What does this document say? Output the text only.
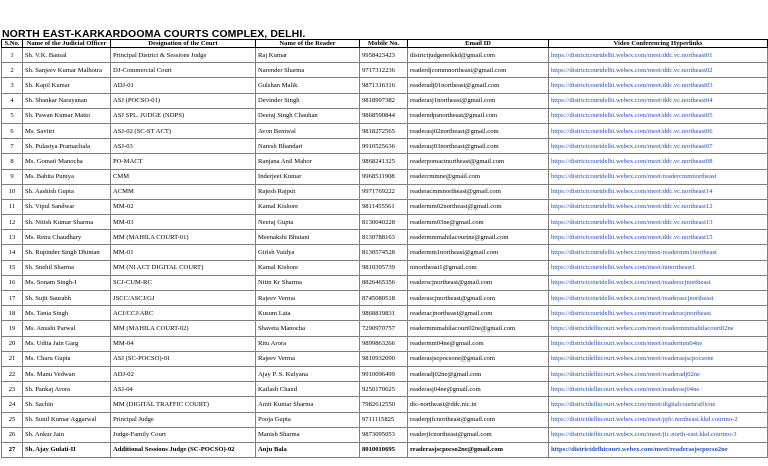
NORTH EAST-KARKARDOOMA COURTS COMPLEX, DELHI.
S.No.	Name of the Judicial Officer	Designation of the Court	Name of the Reader	Mobile No.	Email ID	Video Conferencing Hyperlinks
1	Sh. V.K. Bansal	Principal District & Sessions Judge	Raj Kumar	9958423423	districtjudgeneikkd@gmail.com	https://districtcourtdelhi.webex.com/meet/ddc.vc.northeast01
2	Sh. Sanjeev Kumar Malhotra	DJ-Commercial Court	Narender Sharma	9717312236	readerdjcommnortheast@gmail.com	https://districtcourtdelhi.webex.com/meet/ddc.vc.northeast02
3	Sh. Kapil Kumar	ADJ-01	Gulshan Malik	9871316316	readeradj01northeast@gmail.com	https://districtcourtdelhi.webex.com/meet/ddc.vc.northeast03
4	Sh. Shankar Narayanan	ASJ (POCSO-01)	Devinder Singh	9818997382	readerasj1northeast@gmail.com	https://districtcourtdelhi.webex.com/meet/ddc.vc.northeast04
5	Sh. Pawan Kumar Matto	ASJ SPL. JUDGE (NDPS)	Deeraj Singh Chauhan	9868590844	readerndpsnortheast@gmail.com	https://districtcourtdelhi.webex.com/meet/ddc.vc.northeast05
6	Ms. Savitri	ASJ-02 (SC-ST ACT)	Avon Beniwal	9818272565	readerasj02northeast@gmail.com	https://districtcourtdelhi.webex.com/meet/ddc.vc.northeast06
7	Sh. Pulastya Pramachala	ASJ-03	Naresh Bhandari	9910525636	readerasj03northeast@gmail.com	https://districtcourtdelhi.webex.com/meet/ddc.vc.northeast07
8	Ms. Gomati Manocha	PO-MACT	Ranjana Anil Mahor	9868241325	readerpomactnortheast@gmail.com	https://districtcourtdelhi.webex.com/meet/ddc.vc.northeast08
9	Ms. Babita Puniya	CMM	Inderjeet Kumar	9968511908	readercmmne@gmail.com	https://districtcourtdelhi.webex.com/meet/readercmmnortheast
10	Sh. Aashish Gupta	ACMM	Rajesh Rajput	9971769222	readeracmmnortheast@gmail.com	https://districtcourtdelhi.webex.com/meet/ddc.vc.northeast14
11	Sh. Vipul Sandwar	MM-02	Kamal Kishore	9811455561	readermm02northeast@gmail.com	https://districtcourtdelhi.webex.com/meet/ddc.vc.northeast12
12	Sh. Nitish Kumar Sharma	MM-03	Neeraj Gupta	8130040228	readermm03ne@gmail.com	https://districtcourtdelhi.webex.com/meet/ddc.vc.northeast13
13	Ms. Renu Chaudhary	MM (MAHILA COURT-01)	Meenakshi Bhutani	8130788163	readermmmahilacourtne@gmail.com	https://districtcourtdelhi.webex.com/meet/ddc.vc.northeast15
14	Sh. Rupinder Singh Dhiman	MM-01	Girish Vaidya	8130574528	readermm1northeast@gmail.com	https://districtcourtdelhi.webex.com/meet/readermm1northeast
15	Sh. Snehil Sharma	MM (NI ACT DIGITAL COURT)	Kamal Kishore	9810395739	ninortheast1@gmail.com	https://districtcourtdelhi.webex.com/meet/ninortheast1
16	Ms. Sonam Singh-I	SCJ-CUM-RC	Nitin Kr Sharma	8826465356	readerscjnortheast@gmail.com	https://districtcourtdelhi.webex.com/meet/readerscjnortheast
17	Sh. Sujit Saurabh	JSCC/ASCJ/GJ	Rajeev Verma	8745080518	readerascjnortheast@gmail.com	https://districtcourtdelhi.webex.com/meet/readerascjnortheast
18	Ms. Tania Singh	ACJ/CCJ/ARC	Kusum Lata	9868819831	readeracjnortheast@gmail.com	https://districtcourtdelhi.webex.com/meet/readeracjnortheast
19	Ms. Anushi Parwal	MM (MAHILA COURT-02)	Shaveta Manocha	7290970757	readermmmahilacourt02ne@gmail.com	https://districtdelhicourt.webex.com/meet/readermmmahilacourt02ne
20	Ms. Udita Jain Garg	MM-04	Ritu Arora	9899863266	readermm04ne@gmail.com	https://districtdelhicourt.webex.com/meet/readermm04ne
21	Ms. Charu Gupta	ASJ (SC-POCSO)-01	Rajeev Verma	9810932090	readerasjscpocsone@gmail.com	https://districtdelhicourt.webex.com/meet/readerasjscpocsone
22	Ms. Manu Vedwan	ADJ-02	Ajay P. S. Kulyana	9910096499	readeradj02ne@gmail.com	https://districtdelhicourt.webex.com/meet/readeradj02ne
23	Sh. Pankaj Arora	ASJ-04	Kailash Chand	9250170625	readerasj04ne@gmail.com	https://districtdelhicourt.webex.com/meet/readerasj04ne
24	Sh. Sachin	MM (DIGITAL TRAFFIC COURT)	Amit Kumar Sharma	7982612550	dtc-northeast@ddc.nic.in	https://districtdelhicourt.webex.com/meet/digitalcourttrafficne
25	Sh. Sunil Kumar Aggarwal	Principal Judge	Pooja Gupta	9711115825	readerpjfcnortheast@gmail.com	https://districtdelhicourt.webex.com/meet/pjfc.northeast.kkd.courtno-2
26	Sh. Ankur Jain	Judge-Family Court	Manish Sharma	9873095053	readerjfcnortheast@gmail.com	https://districtdelhicourt.webex.com/meet/jfc.north-east.kkd.courtno-3
27	Sh. Ajay Gulati-II	Additional Sessions Judge (SC-POCSO)-02	Anju Bala	8010010695	readerasjscpocso2ne@gmail.com	https://districtdelhicourt.webex.com/meet/readerasjscpocso2ne
